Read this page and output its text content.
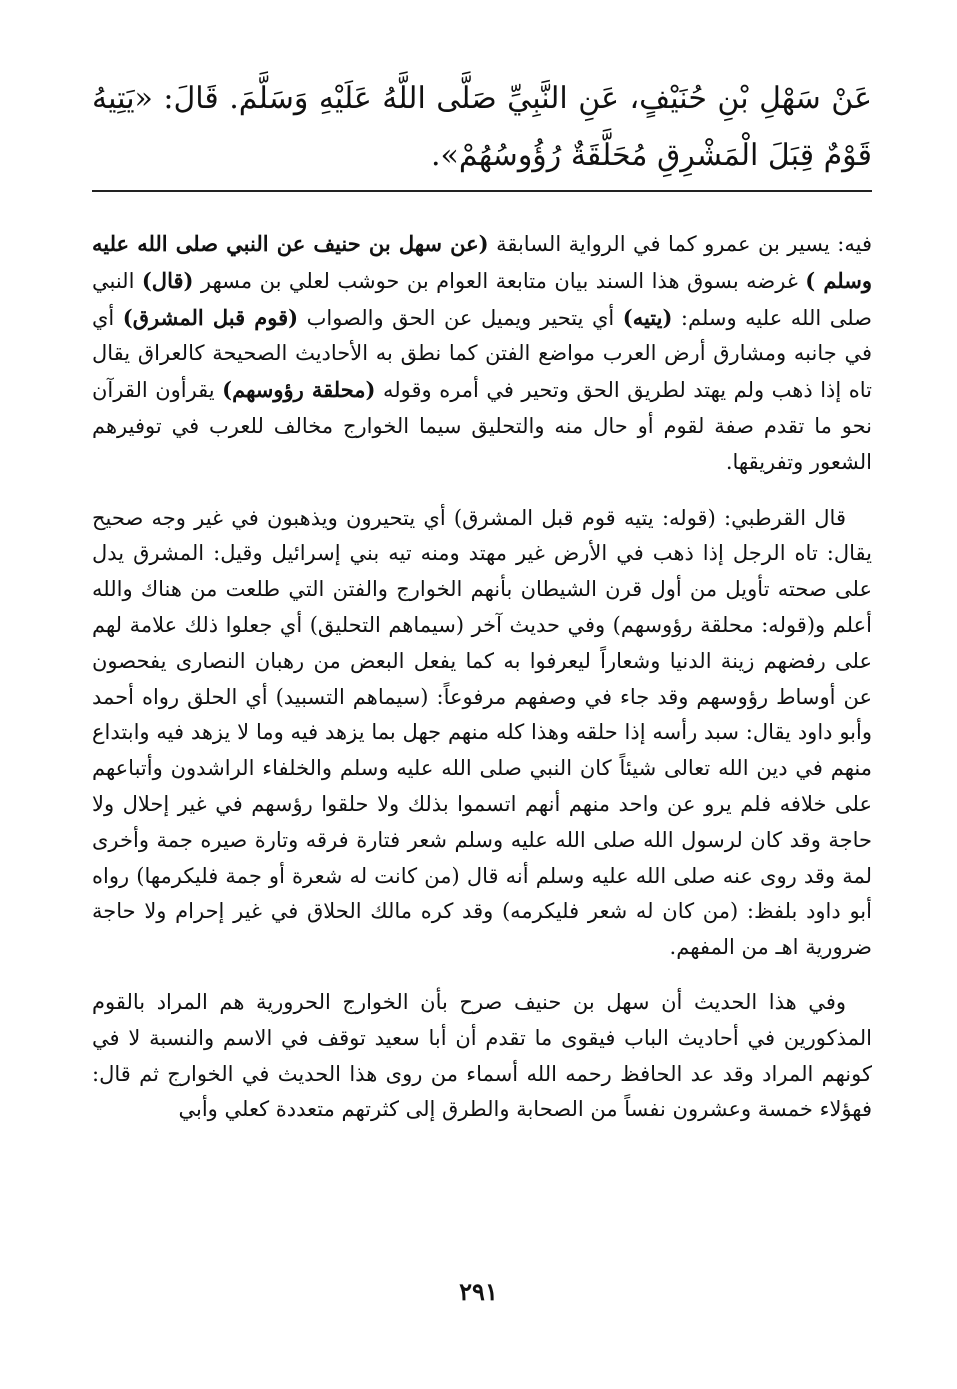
عَنْ سَهْلِ بْنِ حُنَيْفٍ، عَنِ النَّبِيِّ صَلَّى اللَّهُ عَلَيْهِ وَسَلَّمَ. قَالَ: «يَتِيهُ قَوْمٌ قِبَلَ الْمَشْرِقِ مُحَلَّقَةٌ رُؤُوسُهُمْ».

فيه: يسير بن عمرو كما في الرواية السابقة (عن سهل بن حنيف عن النبي صلى الله عليه وسلم ) غرضه بسوق هذا السند بيان متابعة العوام بن حوشب لعلي بن مسهر (قال) النبي صلى الله عليه وسلم: (يتيه) أي يتحير ويميل عن الحق والصواب (قوم قبل المشرق) أي في جانبه ومشارق أرض العرب مواضع الفتن كما نطق به الأحاديث الصحيحة كالعراق يقال تاه إذا ذهب ولم يهتد لطريق الحق وتحير في أمره وقوله (محلقة رؤوسهم) يقرأون القرآن نحو ما تقدم صفة لقوم أو حال منه والتحليق سيما الخوارج مخالف للعرب في توفيرهم الشعور وتفريقها.

قال القرطبي: (قوله: يتيه قوم قبل المشرق) أي يتحيرون ويذهبون في غير وجه صحيح يقال: تاه الرجل إذا ذهب في الأرض غير مهتد ومنه تيه بني إسرائيل وقيل: المشرق يدل على صحته تأويل من أول قرن الشيطان بأنهم الخوارج والفتن التي طلعت من هناك والله أعلم و(قوله: محلقة رؤوسهم) وفي حديث آخر (سيماهم التحليق) أي جعلوا ذلك علامة لهم على رفضهم زينة الدنيا وشعاراً ليعرفوا به كما يفعل البعض من رهبان النصارى يفحصون عن أوساط رؤوسهم وقد جاء في وصفهم مرفوعاً: (سيماهم التسبيد) أي الحلق رواه أحمد وأبو داود يقال: سبد رأسه إذا حلقه وهذا كله منهم جهل بما يزهد فيه وما لا يزهد فيه وابتداع منهم في دين الله تعالى شيئاً كان النبي صلى الله عليه وسلم والخلفاء الراشدون وأتباعهم على خلافه فلم يرو عن واحد منهم أنهم اتسموا بذلك ولا حلقوا رؤسهم في غير إحلال ولا حاجة وقد كان لرسول الله صلى الله عليه وسلم شعر فتارة فرقه وتارة صيره جمة وأخرى لمة وقد روى عنه صلى الله عليه وسلم أنه قال (من كانت له شعرة أو جمة فليكرمها) رواه أبو داود بلفظ: (من كان له شعر فليكرمه) وقد كره مالك الحلاق في غير إحرام ولا حاجة ضرورية اهـ من المفهم.

وفي هذا الحديث أن سهل بن حنيف صرح بأن الخوارج الحرورية هم المراد بالقوم المذكورين في أحاديث الباب فيقوى ما تقدم أن أبا سعيد توقف في الاسم والنسبة لا في كونهم المراد وقد عد الحافظ رحمه الله أسماء من روى هذا الحديث في الخوارج ثم قال: فهؤلاء خمسة وعشرون نفساً من الصحابة والطرق إلى كثرتهم متعددة كعلي وأبي

٢٩١
